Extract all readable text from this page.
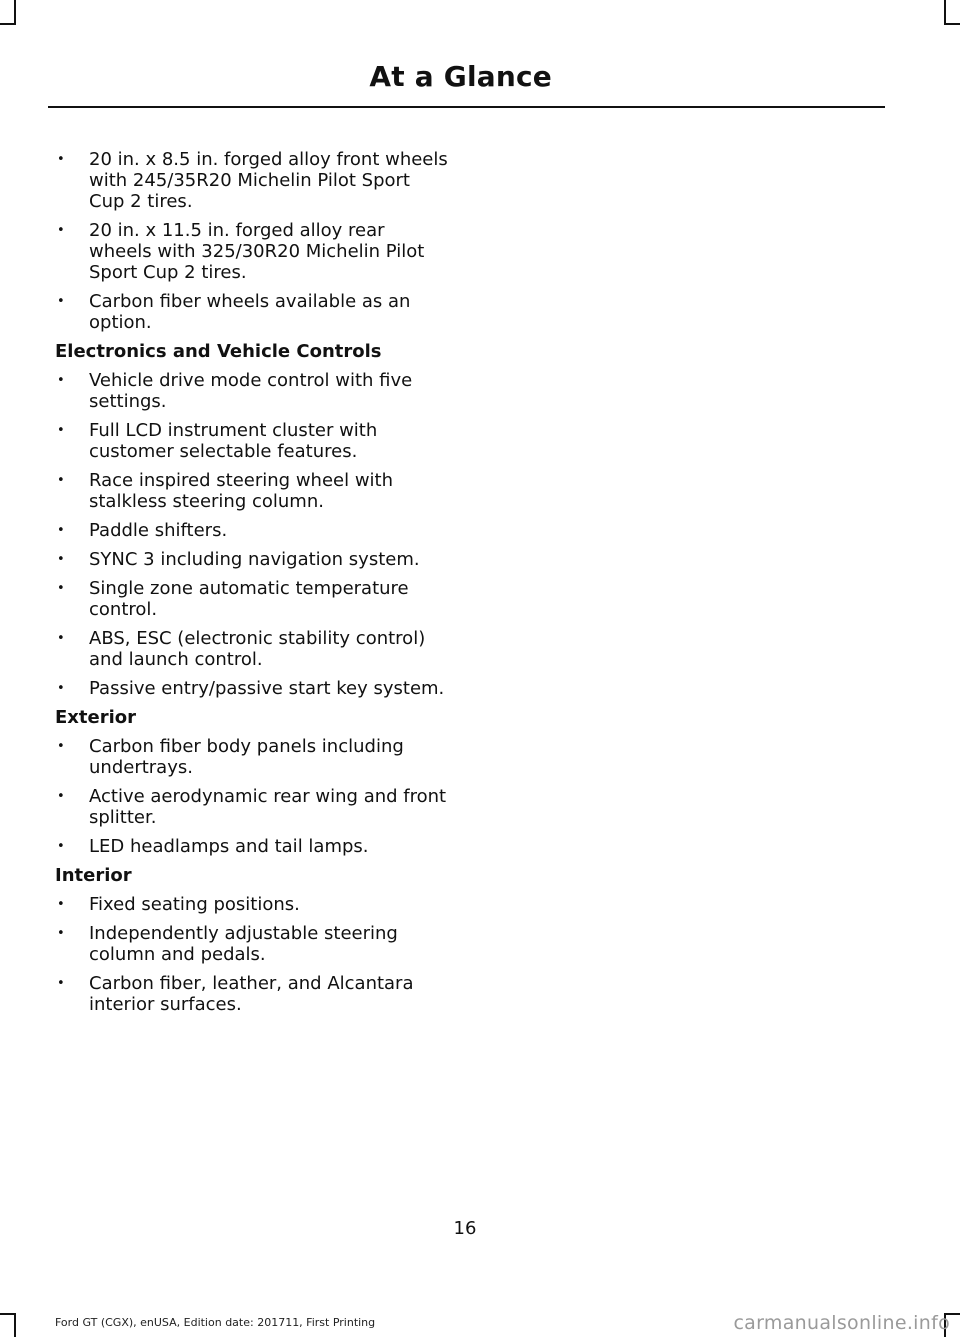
At a Glance
• 20 in. x 8.5 in. forged alloy front wheels with 245/35R20 Michelin Pilot Sport Cup 2 tires.
• 20 in. x 11.5 in. forged alloy rear wheels with 325/30R20 Michelin Pilot Sport Cup 2 tires.
• Carbon fiber wheels available as an option.
Electronics and Vehicle Controls
• Vehicle drive mode control with five settings.
• Full LCD instrument cluster with customer selectable features.
• Race inspired steering wheel with stalkless steering column.
• Paddle shifters.
• SYNC 3 including navigation system.
• Single zone automatic temperature control.
• ABS, ESC (electronic stability control) and launch control.
• Passive entry/passive start key system.
Exterior
• Carbon fiber body panels including undertrays.
• Active aerodynamic rear wing and front splitter.
• LED headlamps and tail lamps.
Interior
• Fixed seating positions.
• Independently adjustable steering column and pedals.
• Carbon fiber, leather, and Alcantara interior surfaces.
16
Ford GT (CGX), enUSA, Edition date: 201711, First Printing	carmanualsonline.info
